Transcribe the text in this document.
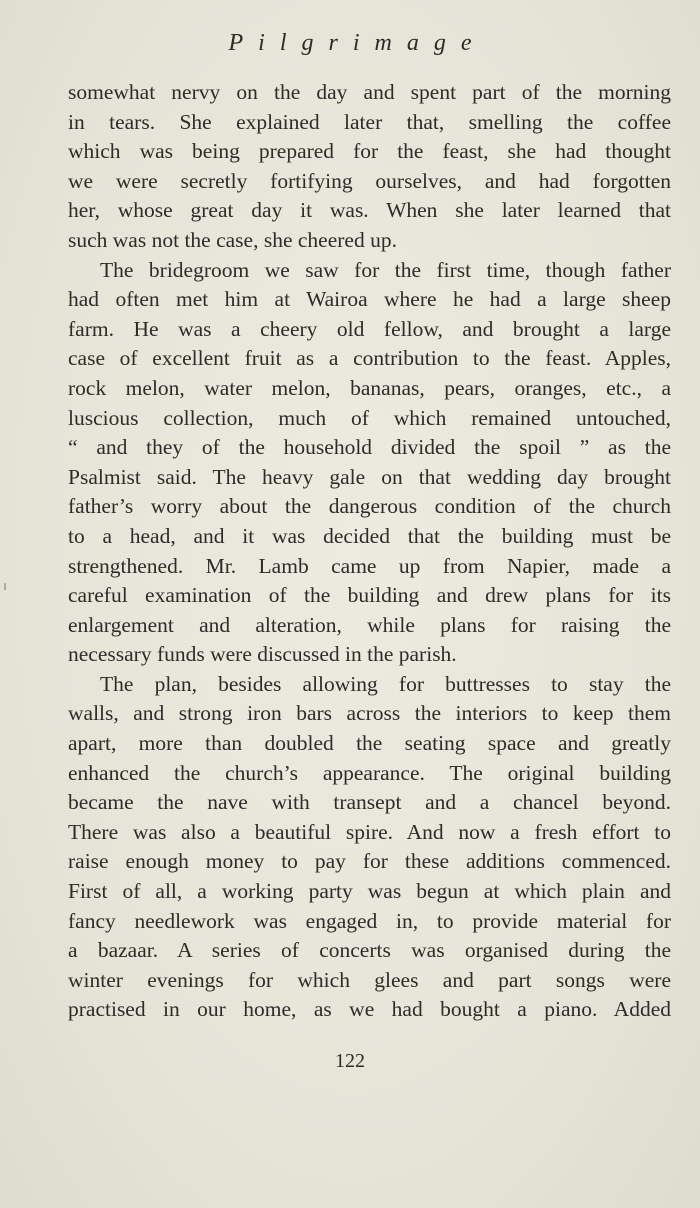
Pilgrimage
somewhat nervy on the day and spent part of the morning
in tears. She explained later that, smelling the coffee
which was being prepared for the feast, she had thought
we were secretly fortifying ourselves, and had forgotten
her, whose great day it was. When she later learned that
such was not the case, she cheered up.
The bridegroom we saw for the first time, though father
had often met him at Wairoa where he had a large sheep
farm. He was a cheery old fellow, and brought a large
case of excellent fruit as a contribution to the feast. Apples,
rock melon, water melon, bananas, pears, oranges, etc., a
luscious collection, much of which remained untouched,
“ and they of the household divided the spoil ” as the
Psalmist said. The heavy gale on that wedding day brought
father’s worry about the dangerous condition of the church
to a head, and it was decided that the building must be
strengthened. Mr. Lamb came up from Napier, made a
careful examination of the building and drew plans for its
enlargement and alteration, while plans for raising the
necessary funds were discussed in the parish.
The plan, besides allowing for buttresses to stay the
walls, and strong iron bars across the interiors to keep them
apart, more than doubled the seating space and greatly
enhanced the church’s appearance. The original building
became the nave with transept and a chancel beyond.
There was also a beautiful spire. And now a fresh effort to
raise enough money to pay for these additions commenced.
First of all, a working party was begun at which plain and
fancy needlework was engaged in, to provide material for
a bazaar. A series of concerts was organised during the
winter evenings for which glees and part songs were
practised in our home, as we had bought a piano. Added
122
